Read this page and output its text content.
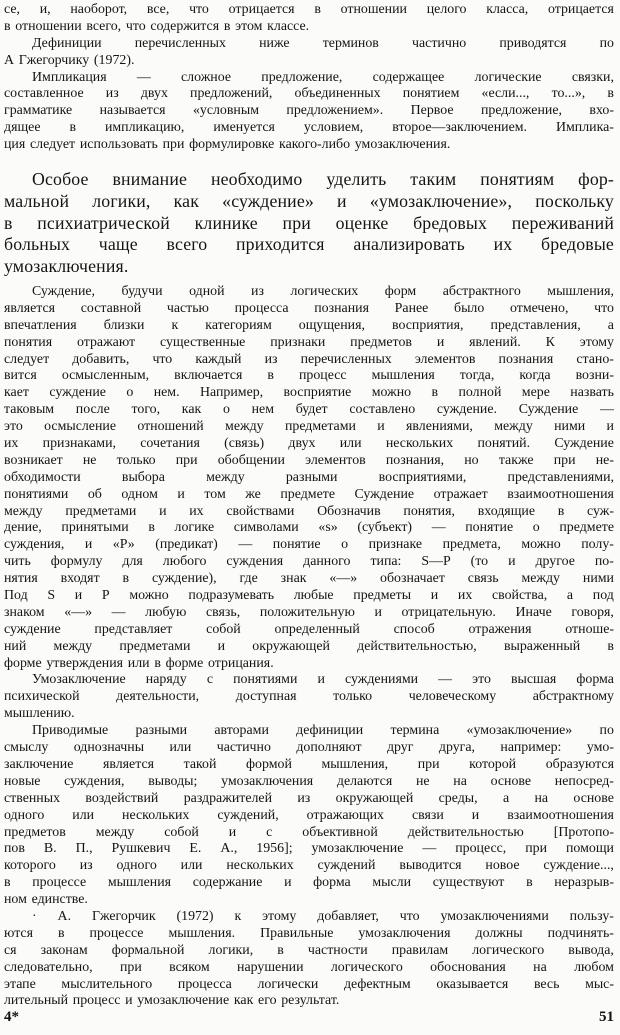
се, и, наоборот, все, что отрицается в отношении целого класса, отрицается
в отношении всего, что содержится в этом классе.
Дефиниции перечисленных ниже терминов частично приводятся по
А Гжегорчику (1972).
Импликация — сложное предложение, содержащее логические связки,
составленное из двух предложений, объединенных понятием «если..., то...», в
грамматике называется «условным предложением». Первое предложение, вхо-
дящее в импликацию, именуется условием, второе—заключением. Имплика-
ция следует использовать при формулировке какого-либо умозаключения.
Особое внимание необходимо уделить таким понятиям фор-
мальной логики, как «суждение» и «умозаключение», поскольку
в психиатрической клинике при оценке бредовых переживаний
больных чаще всего приходится анализировать их бредовые
умозаключения.
Суждение, будучи одной из логических форм абстрактного мышления,
является составной частью процесса познания Ранее было отмечено, что
впечатления близки к категориям ощущения, восприятия, представления, а
понятия отражают существенные признаки предметов и явлений. К этому
следует добавить, что каждый из перечисленных элементов познания стано-
вится осмысленным, включается в процесс мышления тогда, когда возни-
кает суждение о нем. Например, восприятие можно в полной мере назвать
таковым после того, как о нем будет составлено суждение. Суждение —
это осмысление отношений между предметами и явлениями, между ними и
их признаками, сочетания (связь) двух или нескольких понятий. Суждение
возникает не только при обобщении элементов познания, но также при не-
обходимости	выбора	между	разными	восприятиями,	представлениями,
понятиями об одном и том же предмете Суждение отражает взаимоотношения
между предметами и их свойствами Обозначив понятия, входящие в суж-
дение, принятыми в логике символами «s» (субъект) — понятие о предмете
суждения, и «Р» (предикат) — понятие о признаке предмета, можно полу-
чить формулу для любого суждения данного типа: S—P (то и другое по-
нятия входят в суждение), где знак «—» обозначает связь между ними
Под S и P можно подразумевать любые предметы и их свойства, а под
знаком «—» — любую связь, положительную и отрицательную. Иначе говоря,
суждение представляет собой определенный способ отражения отноше-
ний между предметами и окружающей действительностью, выраженный в
форме утверждения или в форме отрицания.
Умозаключение наряду с понятиями и суждениями — это высшая форма
психической	деятельности,	доступная	только	человеческому	абстрактному
мышлению.
Приводимые разными авторами дефиниции термина «умозаключение» по
смыслу однозначны или частично дополняют друг друга, например: умо-
заключение является такой формой мышления, при которой образуются
новые суждения, выводы; умозаключения делаются не на основе непосред-
ственных воздействий раздражителей из окружающей среды, а на основе
одного или нескольких суждений, отражающих связи и взаимоотношения
предметов между собой и с объективной действительностью [Протопо-
пов В. П., Рушкевич Е. А., 1956]; умозаключение — процесс, при помощи
которого из одного или нескольких суждений выводится новое суждение...,
в процессе мышления содержание и форма мысли существуют в неразрыв-
ном единстве.
· А. Гжегорчик (1972) к этому добавляет, что умозаключениями пользу-
ются в процессе мышления. Правильные умозаключения должны подчинять-
ся законам формальной логики, в частности правилам логического вывода,
следовательно, при всяком нарушении логического обоснования на любом
этапе мыслительного процесса логически дефектным оказывается весь мыс-
лительный процесс и умозаключение как его результат.
4*	51
